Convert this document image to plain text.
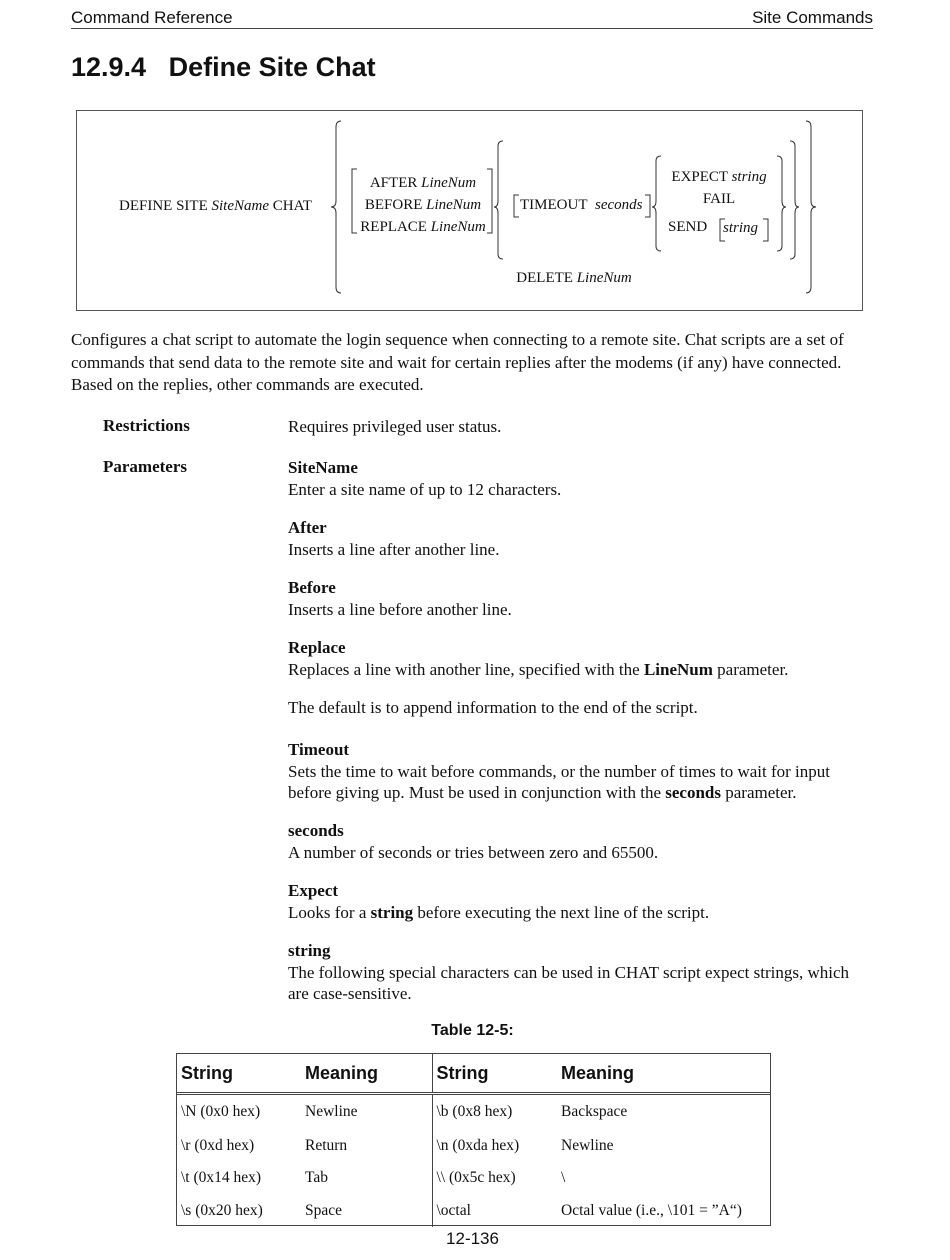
Command Reference	Site Commands
12.9.4   Define Site Chat
DEFINE SITE SiteName CHAT
AFTER LineNum
BEFORE LineNum
REPLACE LineNum
TIMEOUT seconds
EXPECT string
FAIL
SEND string
DELETE LineNum
Configures a chat script to automate the login sequence when connecting to a remote site. Chat scripts are a set of commands that send data to the remote site and wait for certain replies after the modems (if any) have connected. Based on the replies, other commands are executed.
Restrictions	Requires privileged user status.
Parameters	SiteName
Enter a site name of up to 12 characters.
After
Inserts a line after another line.
Before
Inserts a line before another line.
Replace
Replaces a line with another line, specified with the LineNum parameter.
The default is to append information to the end of the script.
Timeout
Sets the time to wait before commands, or the number of times to wait for input before giving up. Must be used in conjunction with the seconds parameter.
seconds
A number of seconds or tries between zero and 65500.
Expect
Looks for a string before executing the next line of the script.
string
The following special characters can be used in CHAT script expect strings, which are case-sensitive.
Table 12-5:
String	Meaning	String	Meaning
\N (0x0 hex)	Newline	\b (0x8 hex)	Backspace
\r (0xd hex)	Return	\n (0xda hex)	Newline
\t (0x14 hex)	Tab	\\ (0x5c hex)	\
\s (0x20 hex)	Space	\octal	Octal value (i.e., \101 = ”A“)
12-136
